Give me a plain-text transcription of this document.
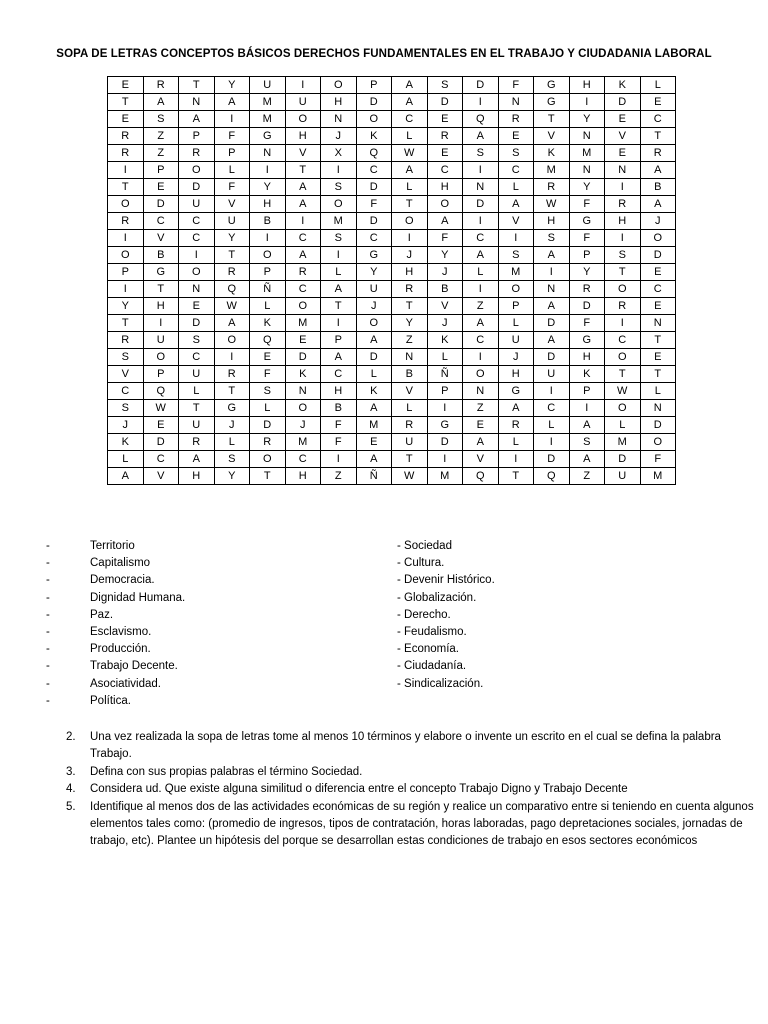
SOPA DE LETRAS CONCEPTOS BÁSICOS DERECHOS FUNDAMENTALES EN EL TRABAJO Y CIUDADANIA LABORAL
E	R	T	Y	U	I	O	P	A	S	D	F	G	H	K	L
T	A	N	A	M	U	H	D	A	D	I	N	G	I	D	E
E	S	A	I	M	O	N	O	C	E	Q	R	T	Y	E	C
R	Z	P	F	G	H	J	K	L	R	A	E	V	N	V	T
R	Z	R	P	N	V	X	Q	W	E	S	S	K	M	E	R
I	P	O	L	I	T	I	C	A	C	I	C	M	N	N	A
T	E	D	F	Y	A	S	D	L	H	N	L	R	Y	I	B
O	D	U	V	H	A	O	F	T	O	D	A	W	F	R	A
R	C	C	U	B	I	M	D	O	A	I	V	H	G	H	J
I	V	C	Y	I	C	S	C	I	F	C	I	S	F	I	O
O	B	I	T	O	A	I	G	J	Y	A	S	A	P	S	D
P	G	O	R	P	R	L	Y	H	J	L	M	I	Y	T	E
I	T	N	Q	Ñ	C	A	U	R	B	I	O	N	R	O	C
Y	H	E	W	L	O	T	J	T	V	Z	P	A	D	R	E
T	I	D	A	K	M	I	O	Y	J	A	L	D	F	I	N
R	U	S	O	Q	E	P	A	Z	K	C	U	A	G	C	T
S	O	C	I	E	D	A	D	N	L	I	J	D	H	O	E
V	P	U	R	F	K	C	L	B	Ñ	O	H	U	K	T	T
C	Q	L	T	S	N	H	K	V	P	N	G	I	P	W	L
S	W	T	G	L	O	B	A	L	I	Z	A	C	I	O	N
J	E	U	J	D	J	F	M	R	G	E	R	L	A	L	D
K	D	R	L	R	M	F	E	U	D	A	L	I	S	M	O
L	C	A	S	O	C	I	A	T	I	V	I	D	A	D	F
A	V	H	Y	T	H	Z	Ñ	W	M	Q	T	Q	Z	U	M
-	Territorio
-	Capitalismo
-	Democracia.
-	Dignidad Humana.
-	Paz.
-	Esclavismo.
-	Producción.
-	Trabajo Decente.
-	Asociatividad.
-	Política.
- Sociedad
- Cultura.
- Devenir Histórico.
- Globalización.
- Derecho.
- Feudalismo.
- Economía.
- Ciudadanía.
- Sindicalización.
2.	Una vez realizada la sopa de letras tome al menos 10 términos y elabore o invente un escrito en el cual se defina la palabra Trabajo.
3.	Defina con sus propias palabras el término Sociedad.
4.	Considera ud. Que existe alguna similitud o diferencia entre el concepto Trabajo Digno y Trabajo Decente
5.	Identifique al menos dos de las actividades económicas de su región y realice un comparativo entre si teniendo en cuenta algunos elementos tales como: (promedio de ingresos, tipos de contratación, horas laboradas, pago depretaciones sociales, jornadas de trabajo, etc). Plantee un hipótesis del porque se desarrollan estas condiciones de trabajo en esos sectores económicos
